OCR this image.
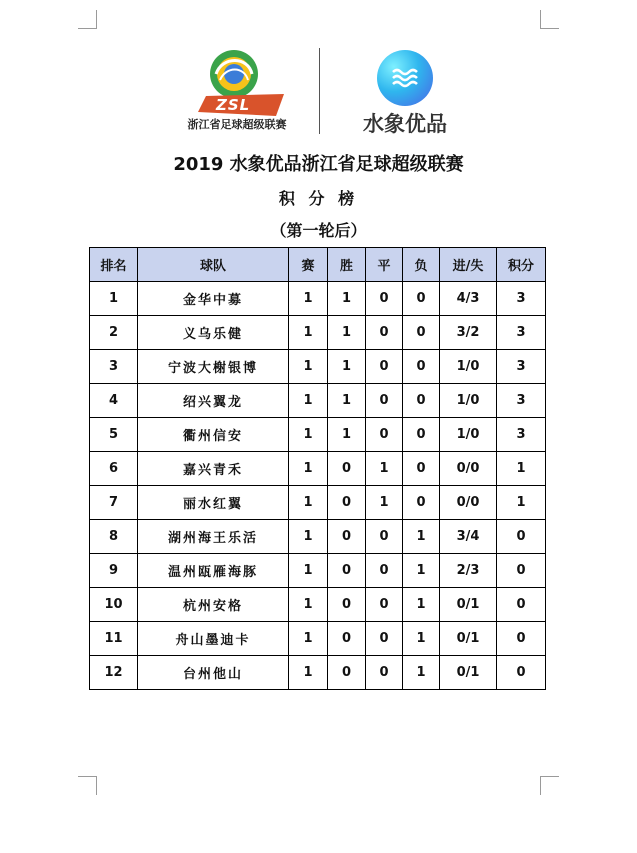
ZSL
浙江省足球超级联赛	水象优品
2019 水象优品浙江省足球超级联赛
积 分 榜
（第一轮后）
排名	球队	赛	胜	平	负	进/失	积分
1	金华中募	1	1	0	0	4/3	3
2	义乌乐健	1	1	0	0	3/2	3
3	宁波大榭银博	1	1	0	0	1/0	3
4	绍兴翼龙	1	1	0	0	1/0	3
5	衢州信安	1	1	0	0	1/0	3
6	嘉兴青禾	1	0	1	0	0/0	1
7	丽水红翼	1	0	1	0	0/0	1
8	湖州海王乐活	1	0	0	1	3/4	0
9	温州瓯雁海豚	1	0	0	1	2/3	0
10	杭州安格	1	0	0	1	0/1	0
11	舟山墨迪卡	1	0	0	1	0/1	0
12	台州他山	1	0	0	1	0/1	0
